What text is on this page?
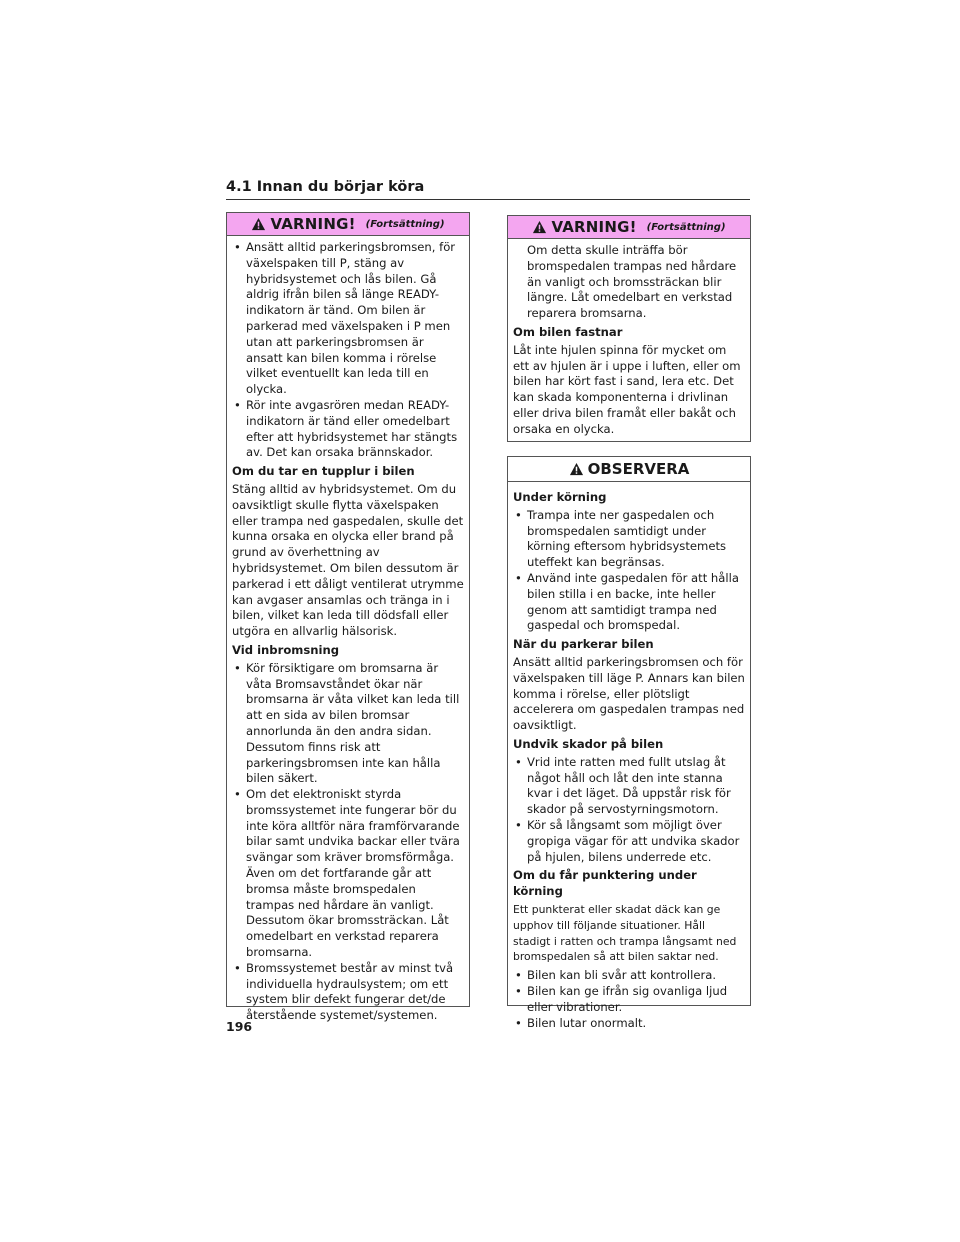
4.1 Innan du börjar köra
VARNING! (Fortsättning)
• Ansätt alltid parkeringsbromsen, för växelspaken till P, stäng av hybridsystemet och lås bilen. Gå aldrig ifrån bilen så länge READY-indikatorn är tänd. Om bilen är parkerad med växelspaken i P men utan att parkeringsbromsen är ansatt kan bilen komma i rörelse vilket eventuellt kan leda till en olycka.
• Rör inte avgasrören medan READY-indikatorn är tänd eller omedelbart efter att hybridsystemet har stängts av. Det kan orsaka brännskador.

Om du tar en tupplur i bilen

Stäng alltid av hybridsystemet. Om du oavsiktligt skulle flytta växelspaken eller trampa ned gaspedalen, skulle det kunna orsaka en olycka eller brand på grund av överhettning av hybridsystemet. Om bilen dessutom är parkerad i ett dåligt ventilerat utrymme kan avgaser ansamlas och tränga in i bilen, vilket kan leda till dödsfall eller utgöra en allvarlig hälsorisk.

Vid inbromsning

• Kör försiktigare om bromsarna är våta Bromsavståndet ökar när bromsarna är våta vilket kan leda till att en sida av bilen bromsar annorlunda än den andra sidan. Dessutom finns risk att parkeringsbromsen inte kan hålla bilen säkert.
• Om det elektroniskt styrda bromssystemet inte fungerar bör du inte köra alltför nära framförvarande bilar samt undvika backar eller tvära svängar som kräver bromsförmåga. Även om det fortfarande går att bromsa måste bromspedalen trampas ned hårdare än vanligt. Dessutom ökar bromssträckan. Låt omedelbart en verkstad reparera bromsarna.
• Bromssystemet består av minst två individuella hydraulsystem; om ett system blir defekt fungerar det/de återstående systemet/systemen.
VARNING! (Fortsättning)

Om detta skulle inträffa bör bromspedalen trampas ned hårdare än vanligt och bromssträckan blir längre. Låt omedelbart en verkstad reparera bromsarna.

Om bilen fastnar

Låt inte hjulen spinna för mycket om ett av hjulen är i uppe i luften, eller om bilen har kört fast i sand, lera etc. Det kan skada komponenterna i drivlinan eller driva bilen framåt eller bakåt och orsaka en olycka.

OBSERVERA

Under körning

• Trampa inte ner gaspedalen och bromspedalen samtidigt under körning eftersom hybridsystemets uteffekt kan begränsas.
• Använd inte gaspedalen för att hålla bilen stilla i en backe, inte heller genom att samtidigt trampa ned gaspedal och bromspedal.

När du parkerar bilen

Ansätt alltid parkeringsbromsen och för växelspaken till läge P. Annars kan bilen komma i rörelse, eller plötsligt accelerera om gaspedalen trampas ned oavsiktligt.

Undvik skador på bilen

• Vrid inte ratten med fullt utslag åt något håll och låt den inte stanna kvar i det läget. Då uppstår risk för skador på servostyrningsmotorn.
• Kör så långsamt som möjligt över gropiga vägar för att undvika skador på hjulen, bilens underrede etc.

Om du får punktering under körning

Ett punkterat eller skadat däck kan ge upphov till följande situationer. Håll stadigt i ratten och trampa långsamt ned bromspedalen så att bilen saktar ned.

• Bilen kan bli svår att kontrollera.
• Bilen kan ge ifrån sig ovanliga ljud eller vibrationer.
• Bilen lutar onormalt.
196
